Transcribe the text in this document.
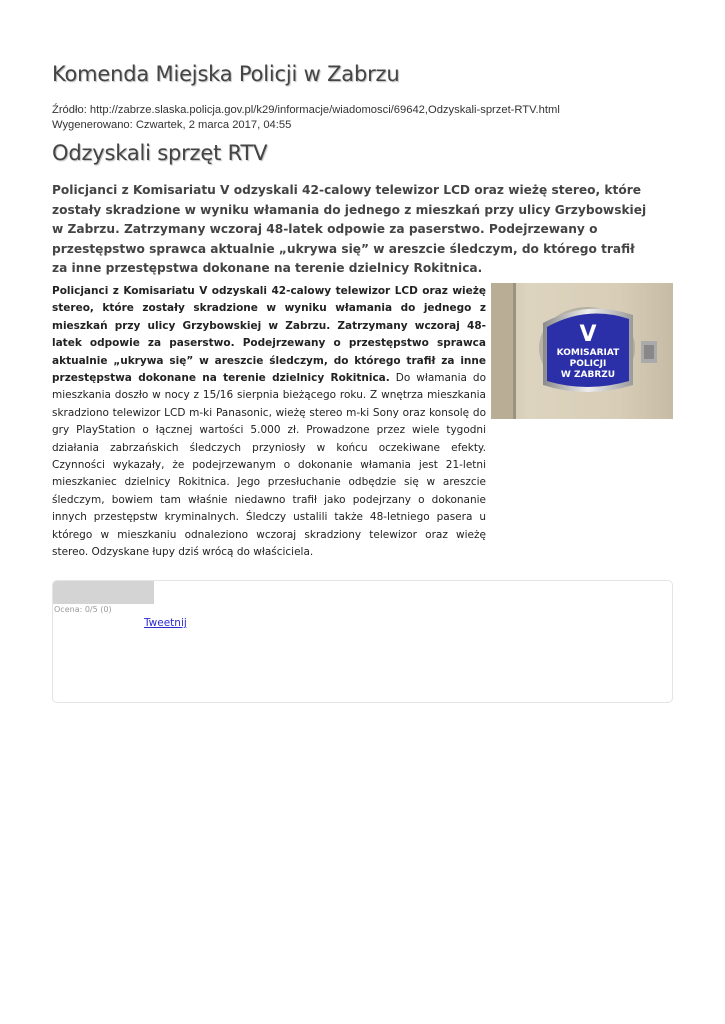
Komenda Miejska Policji w Zabrzu
Źródło: http://zabrze.slaska.policja.gov.pl/k29/informacje/wiadomosci/69642,Odzyskali-sprzet-RTV.html
Wygenerowano: Czwartek, 2 marca 2017, 04:55
Odzyskali sprzęt RTV

Policjanci z Komisariatu V odzyskali 42-calowy telewizor LCD oraz wieżę stereo, które zostały skradzione w wyniku włamania do jednego z mieszkań przy ulicy Grzybowskiej w Zabrzu. Zatrzymany wczoraj 48-latek odpowie za paserstwo. Podejrzewany o przestępstwo sprawca aktualnie „ukrywa się” w areszcie śledczym, do którego trafił za inne przestępstwa dokonane na terenie dzielnicy Rokitnica.

V
KOMISARIAT
POLICJI
W ZABRZU
Policjanci z Komisariatu V odzyskali 42-calowy telewizor LCD oraz wieżę stereo, które zostały skradzione w wyniku włamania do jednego z mieszkań przy ulicy Grzybowskiej w Zabrzu. Zatrzymany wczoraj 48-latek odpowie za paserstwo. Podejrzewany o przestępstwo sprawca aktualnie „ukrywa się” w areszcie śledczym, do którego trafił za inne przestępstwa dokonane na terenie dzielnicy Rokitnica. Do włamania do mieszkania doszło w nocy z 15/16 sierpnia bieżącego roku. Z wnętrza mieszkania skradziono telewizor LCD m-ki Panasonic, wieżę stereo m-ki Sony oraz konsolę do gry PlayStation o łącznej wartości 5.000 zł. Prowadzone przez wiele tygodni działania zabrzańskich śledczych przyniosły w końcu oczekiwane efekty. Czynności wykazały, że podejrzewanym o dokonanie włamania jest 21-letni mieszkaniec dzielnicy Rokitnica. Jego przesłuchanie odbędzie się w areszcie śledczym, bowiem tam właśnie niedawno trafił jako podejrzany o dokonanie innych przestępstw kryminalnych. Śledczy ustalili także 48-letniego pasera u którego w mieszkaniu odnaleziono wczoraj skradziony telewizor oraz wieżę stereo. Odzyskane łupy dziś wrócą do właściciela.
Ocena: 0/5 (0)
Tweetnij
